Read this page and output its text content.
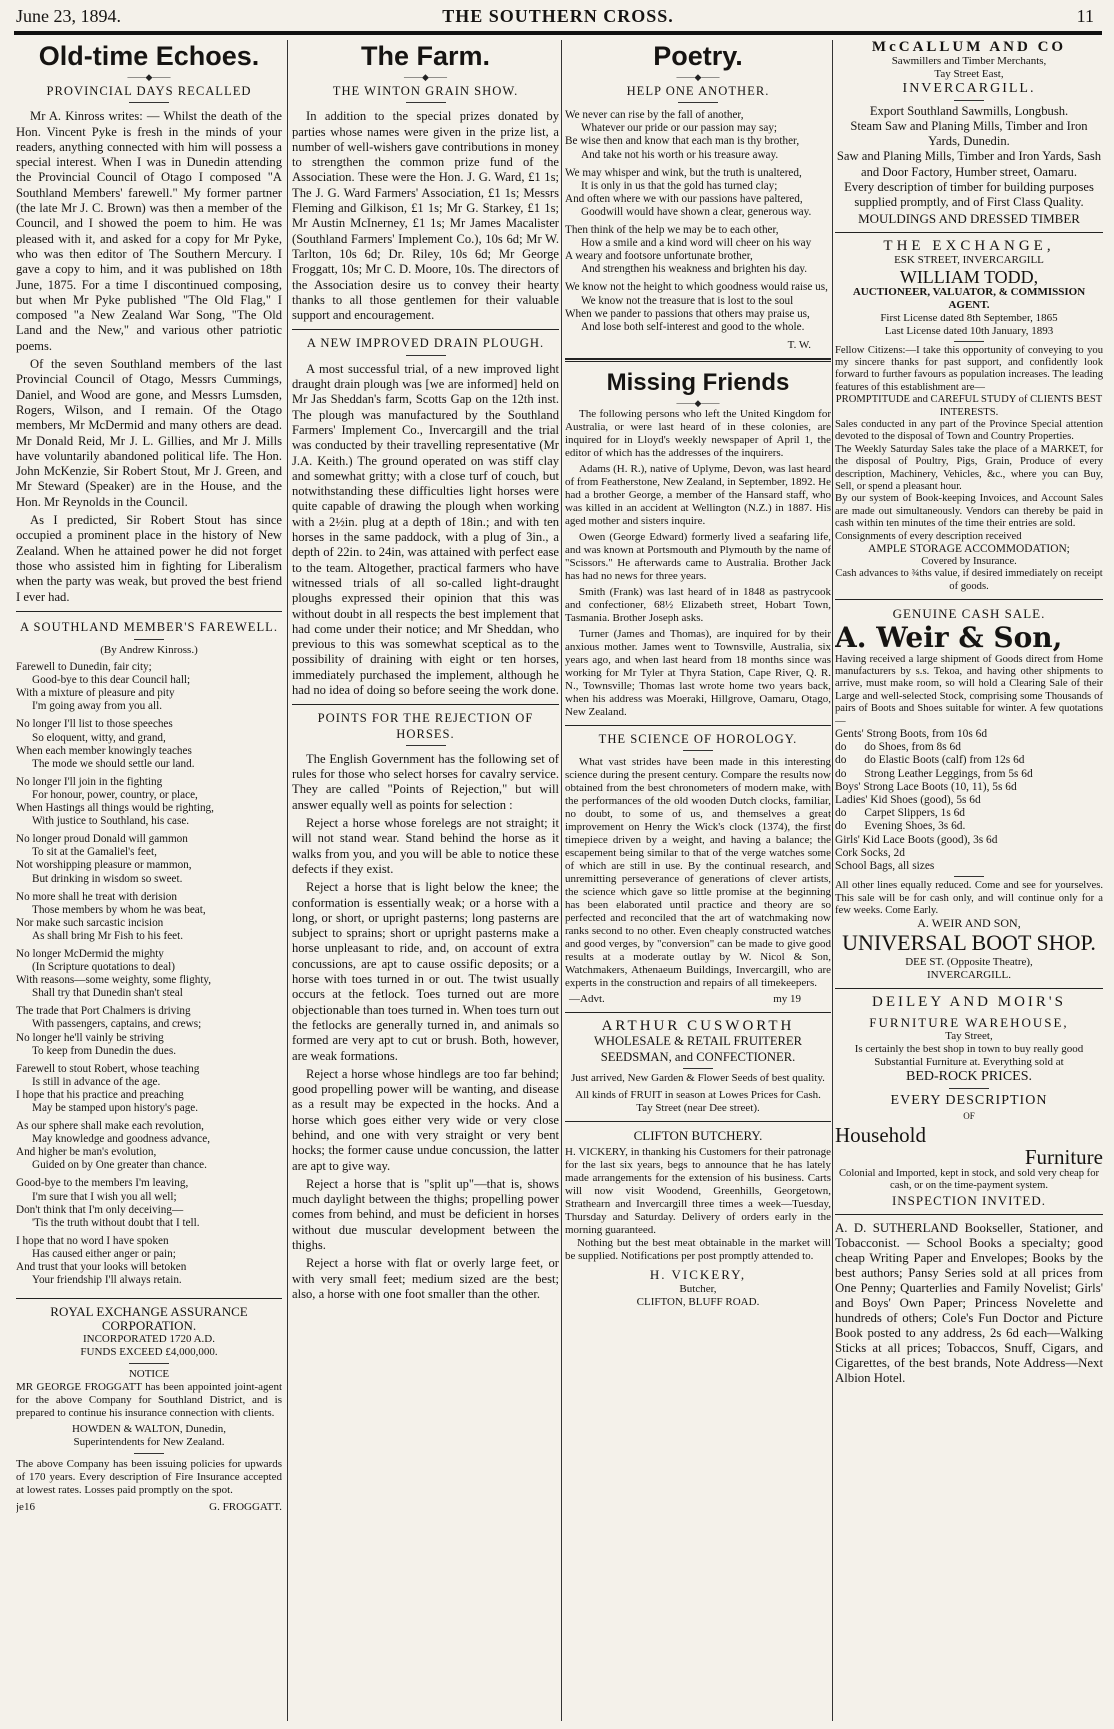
June 23, 1894.	THE SOUTHERN CROSS.	11
Old-time Echoes.
——◆——
PROVINCIAL DAYS RECALLED
Mr A. Kinross writes: — Whilst the death of the Hon. Vincent Pyke is fresh in the minds of your readers, anything connected with him will possess a special interest. When I was in Dunedin attending the Provincial Council of Otago I composed "A Southland Members' farewell." My former partner (the late Mr J. C. Brown) was then a member of the Council, and I showed the poem to him. He was pleased with it, and asked for a copy for Mr Pyke, who was then editor of The Southern Mercury. I gave a copy to him, and it was published on 18th June, 1875. For a time I discontinued composing, but when Mr Pyke published "The Old Flag," I composed "a New Zealand War Song, "The Old Land and the New," and various other patriotic poems.
Of the seven Southland members of the last Provincial Council of Otago, Messrs Cummings, Daniel, and Wood are gone, and Messrs Lumsden, Rogers, Wilson, and I remain. Of the Otago members, Mr McDermid and many others are dead. Mr Donald Reid, Mr J. L. Gillies, and Mr J. Mills have voluntarily abandoned political life. The Hon. John McKenzie, Sir Robert Stout, Mr J. Green, and Mr Steward (Speaker) are in the House, and the Hon. Mr Reynolds in the Council.
As I predicted, Sir Robert Stout has since occupied a prominent place in the history of New Zealand. When he attained power he did not forget those who assisted him in fighting for Liberalism when the party was weak, but proved the best friend I ever had.
A SOUTHLAND MEMBER'S FAREWELL.
(By Andrew Kinross.)
Farewell to Dunedin, fair city;
Good-bye to this dear Council hall;
With a mixture of pleasure and pity
I'm going away from you all.
No longer I'll list to those speeches
So eloquent, witty, and grand,
When each member knowingly teaches
The mode we should settle our land.
No longer I'll join in the fighting
For honour, power, country, or place,
When Hastings all things would be righting,
With justice to Southland, his case.
No longer proud Donald will gammon
To sit at the Gamaliel's feet,
Not worshipping pleasure or mammon,
But drinking in wisdom so sweet.
No more shall he treat with derision
Those members by whom he was beat,
Nor make such sarcastic incision
As shall bring Mr Fish to his feet.
No longer McDermid the mighty
(In Scripture quotations to deal)
With reasons—some weighty, some flighty,
Shall try that Dunedin shan't steal
The trade that Port Chalmers is driving
With passengers, captains, and crews;
No longer he'll vainly be striving
To keep from Dunedin the dues.
Farewell to stout Robert, whose teaching
Is still in advance of the age.
I hope that his practice and preaching
May be stamped upon history's page.
As our sphere shall make each revolution,
May knowledge and goodness advance,
And higher be man's evolution,
Guided on by One greater than chance.
Good-bye to the members I'm leaving,
I'm sure that I wish you all well;
Don't think that I'm only deceiving—
'Tis the truth without doubt that I tell.
I hope that no word I have spoken
Has caused either anger or pain;
And trust that your looks will betoken
Your friendship I'll always retain.
ROYAL EXCHANGE ASSURANCE CORPORATION.
INCORPORATED 1720 A.D.
FUNDS EXCEED £4,000,000.
NOTICE
MR GEORGE FROGGATT has been appointed joint-agent for the above Company for Southland District, and is prepared to continue his insurance connection with clients.
HOWDEN & WALTON, Dunedin,
Superintendents for New Zealand.
The above Company has been issuing policies for upwards of 170 years. Every description of Fire Insurance accepted at lowest rates. Losses paid promptly on the spot.
je16	G. FROGGATT.
The Farm.
——◆——
THE WINTON GRAIN SHOW.
In addition to the special prizes donated by parties whose names were given in the prize list, a number of well-wishers gave contributions in money to strengthen the common prize fund of the Association. These were the Hon. J. G. Ward, £1 1s; The J. G. Ward Farmers' Association, £1 1s; Messrs Fleming and Gilkison, £1 1s; Mr G. Starkey, £1 1s; Mr Austin McInerney, £1 1s; Mr James Macalister (Southland Farmers' Implement Co.), 10s 6d; Mr W. Tarlton, 10s 6d; Dr. Riley, 10s 6d; Mr George Froggatt, 10s; Mr C. D. Moore, 10s. The directors of the Association desire us to convey their hearty thanks to all those gentlemen for their valuable support and encouragement.
A NEW IMPROVED DRAIN PLOUGH.
A most successful trial, of a new improved light draught drain plough was [we are informed] held on Mr Jas Sheddan's farm, Scotts Gap on the 12th inst. The plough was manufactured by the Southland Farmers' Implement Co., Invercargill and the trial was conducted by their travelling representative (Mr J.A. Keith.) The ground operated on was stiff clay and somewhat gritty; with a close turf of couch, but notwithstanding these difficulties light horses were quite capable of drawing the plough when working with a 2½in. plug at a depth of 18in.; and with ten horses in the same paddock, with a plug of 3in., a depth of 22in. to 24in, was attained with perfect ease to the team. Altogether, practical farmers who have witnessed trials of all so-called light-draught ploughs expressed their opinion that this was without doubt in all respects the best implement that had come under their notice; and Mr Sheddan, who previous to this was somewhat sceptical as to the possibility of draining with eight or ten horses, immediately purchased the implement, although he had no idea of doing so before seeing the work done.
POINTS FOR THE REJECTION OF HORSES.
The English Government has the following set of rules for those who select horses for cavalry service. They are called "Points of Rejection," but will answer equally well as points for selection :
Reject a horse whose forelegs are not straight; it will not stand wear. Stand behind the horse as it walks from you, and you will be able to notice these defects if they exist.
Reject a horse that is light below the knee; the conformation is essentially weak; or a horse with a long, or short, or upright pasterns; long pasterns are subject to sprains; short or upright pasterns make a horse unpleasant to ride, and, on account of extra concussions, are apt to cause ossific deposits; or a horse with toes turned in or out. The twist usually occurs at the fetlock. Toes turned out are more objectionable than toes turned in. When toes turn out the fetlocks are generally turned in, and animals so formed are very apt to cut or brush. Both, however, are weak formations.
Reject a horse whose hindlegs are too far behind; good propelling power will be wanting, and disease as a result may be expected in the hocks. And a horse which goes either very wide or very close behind, and one with very straight or very bent hocks; the former cause undue concussion, the latter are apt to give way.
Reject a horse that is "split up"—that is, shows much daylight between the thighs; propelling power comes from behind, and must be deficient in horses without due muscular development between the thighs.
Reject a horse with flat or overly large feet, or with very small feet; medium sized are the best; also, a horse with one foot smaller than the other.
Poetry.
——◆——
HELP ONE ANOTHER.
We never can rise by the fall of another,
Whatever our pride or our passion may say;
Be wise then and know that each man is thy brother,
And take not his worth or his treasure away.
We may whisper and wink, but the truth is unaltered,
It is only in us that the gold has turned clay;
And often where we with our passions have paltered,
Goodwill would have shown a clear, generous way.
Then think of the help we may be to each other,
How a smile and a kind word will cheer on his way
A weary and footsore unfortunate brother,
And strengthen his weakness and brighten his day.
We know not the height to which goodness would raise us,
We know not the treasure that is lost to the soul
When we pander to passions that others may praise us,
And lose both self-interest and good to the whole.
T. W.
Missing Friends
——◆——
The following persons who left the United Kingdom for Australia, or were last heard of in these colonies, are inquired for in Lloyd's weekly newspaper of April 1, the editor of which has the addresses of the inquirers.
Adams (H. R.), native of Uplyme, Devon, was last heard of from Featherstone, New Zealand, in September, 1892. He had a brother George, a member of the Hansard staff, who was killed in an accident at Wellington (N.Z.) in 1887. His aged mother and sisters inquire.
Owen (George Edward) formerly lived a seafaring life, and was known at Portsmouth and Plymouth by the name of "Scissors." He afterwards came to Australia. Brother Jack has had no news for three years.
Smith (Frank) was last heard of in 1848 as pastrycook and confectioner, 68½ Elizabeth street, Hobart Town, Tasmania. Brother Joseph asks.
Turner (James and Thomas), are inquired for by their anxious mother. James went to Townsville, Australia, six years ago, and when last heard from 18 months since was working for Mr Tyler at Thyra Station, Cape River, Q. R. N., Townsville; Thomas last wrote home two years back, when his address was Moeraki, Hillgrove, Oamaru, Otago, New Zealand.
THE SCIENCE OF HOROLOGY.
What vast strides have been made in this interesting science during the present century. Compare the results now obtained from the best chronometers of modern make, with the performances of the old wooden Dutch clocks, familiar, no doubt, to some of us, and themselves a great improvement on Henry the Wick's clock (1374), the first timepiece driven by a weight, and having a balance; the escapement being similar to that of the verge watches some of which are still in use. By the continual research, and unremitting perseverance of generations of clever artists, the science which gave so little promise at the beginning has been elaborated until practice and theory are so perfected and reconciled that the art of watchmaking now ranks second to no other. Even cheaply constructed watches and good verges, by "conversion" can be made to give good results at a moderate outlay by W. Nicol & Son, Watchmakers, Athenaeum Buildings, Invercargill, who are experts in the construction and repairs of all timekeepers.
—Advt.	my 19
ARTHUR CUSWORTH
WHOLESALE & RETAIL FRUITERER SEEDSMAN, and CONFECTIONER.
Just arrived, New Garden & Flower Seeds of best quality.
All kinds of FRUIT in season at Lowes Prices for Cash.
Tay Street (near Dee street).
CLIFTON BUTCHERY.
H. VICKERY, in thanking his Customers for their patronage for the last six years, begs to announce that he has lately made arrangements for the extension of his business. Carts will now visit Woodend, Greenhills, Georgetown, Strathearn and Invercargill three times a week—Tuesday, Thursday and Saturday. Delivery of orders early in the morning guaranteed.
Nothing but the best meat obtainable in the market will be supplied. Notifications per post promptly attended to.
H. VICKERY,
Butcher,
CLIFTON, BLUFF ROAD.
McCALLUM AND CO
Sawmillers and Timber Merchants,
Tay Street East,
INVERCARGILL.
Export Southland Sawmills, Longbush.
Steam Saw and Planing Mills, Timber and Iron Yards, Dunedin.
Saw and Planing Mills, Timber and Iron Yards, Sash and Door Factory, Humber street, Oamaru.
Every description of timber for building purposes supplied promptly, and of First Class Quality.
MOULDINGS AND DRESSED TIMBER
THE EXCHANGE,
ESK STREET, INVERCARGILL
WILLIAM TODD,
AUCTIONEER, VALUATOR, & COMMISSION AGENT.
First License dated 8th September, 1865
Last License dated 10th January, 1893
Fellow Citizens:—I take this opportunity of conveying to you my sincere thanks for past support, and confidently look forward to further favours as population increases. The leading features of this establishment are—
PROMPTITUDE and CAREFUL STUDY of CLIENTS BEST INTERESTS.
Sales conducted in any part of the Province Special attention devoted to the disposal of Town and Country Properties.
The Weekly Saturday Sales take the place of a MARKET, for the disposal of Poultry, Pigs, Grain, Produce of every description, Machinery, Vehicles, &c., where you can Buy, Sell, or spend a pleasant hour.
By our system of Book-keeping Invoices, and Account Sales are made out simultaneously. Vendors can thereby be paid in cash within ten minutes of the time their entries are sold.
Consignments of every description received
AMPLE STORAGE ACCOMMODATION;
Covered by Insurance.
Cash advances to ¾ths value, if desired immediately on receipt of goods.
GENUINE CASH SALE.
A. Weir & Son,
Having received a large shipment of Goods direct from Home manufacturers by s.s. Tekoa, and having other shipments to arrive, must make room, so will hold a Clearing Sale of their Large and well-selected Stock, comprising some Thousands of pairs of Boots and Shoes suitable for winter. A few quotations—
Gents' Strong Boots, from 10s 6d
do do Shoes, from 8s 6d
do do Elastic Boots (calf) from 12s 6d
do Strong Leather Leggings, from 5s 6d
Boys' Strong Lace Boots (10, 11), 5s 6d
Ladies' Kid Shoes (good), 5s 6d
do Carpet Slippers, 1s 6d
do Evening Shoes, 3s 6d.
Girls' Kid Lace Boots (good), 3s 6d
Cork Socks, 2d
School Bags, all sizes
All other lines equally reduced. Come and see for yourselves. This sale will be for cash only, and will continue only for a few weeks. Come Early.
A. WEIR AND SON,
UNIVERSAL BOOT SHOP.
DEE ST. (Opposite Theatre),
INVERCARGILL.
DEILEY AND MOIR'S
FURNITURE WAREHOUSE,
Tay Street,
Is certainly the best shop in town to buy really good Substantial Furniture at. Everything sold at
BED-ROCK PRICES.
EVERY DESCRIPTION
OF
Household
Furniture
Colonial and Imported, kept in stock, and sold very cheap for cash, or on the time-payment system.
INSPECTION INVITED.
A. D. SUTHERLAND Bookseller, Stationer, and Tobacconist. — School Books a specialty; good cheap Writing Paper and Envelopes; Books by the best authors; Pansy Series sold at all prices from One Penny; Quarterlies and Family Novelist; Girls' and Boys' Own Paper; Princess Novelette and hundreds of others; Cole's Fun Doctor and Picture Book posted to any address, 2s 6d each—Walking Sticks at all prices; Tobaccos, Snuff, Cigars, and Cigarettes, of the best brands, Note Address—Next Albion Hotel.
